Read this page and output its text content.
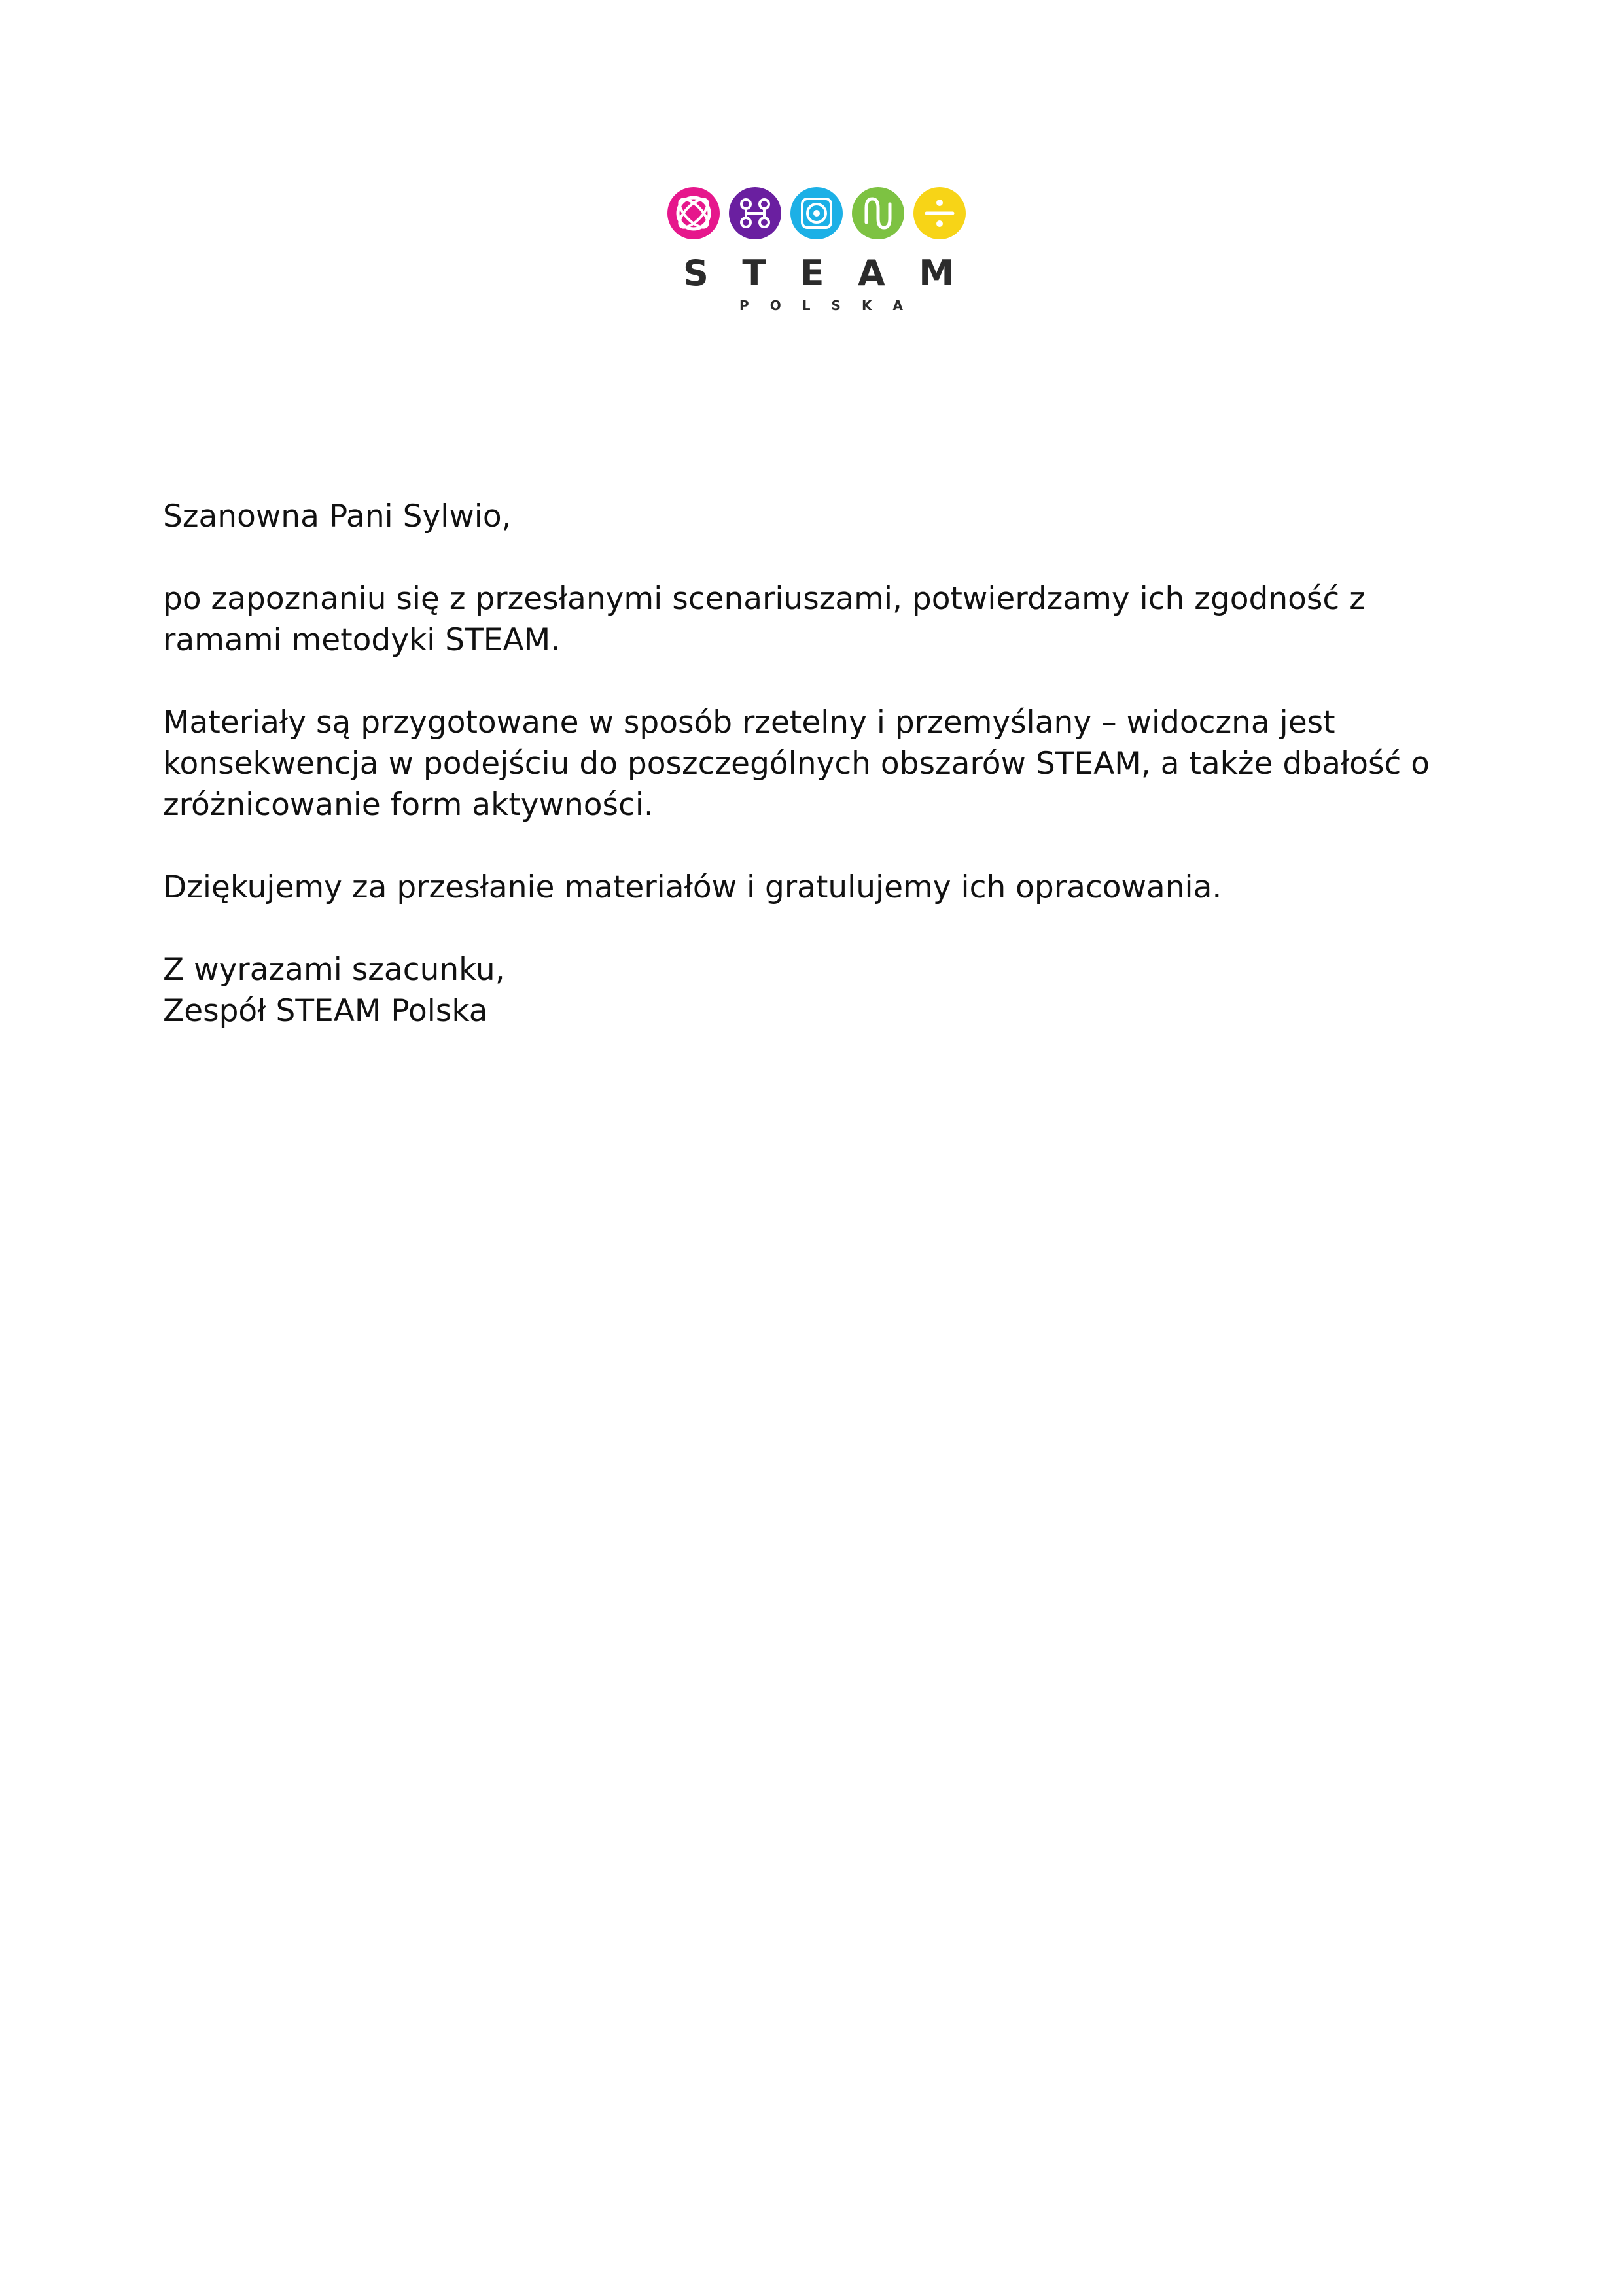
S T E A M
P O L S K A

Szanowna Pani Sylwio,

po zapoznaniu się z przesłanymi scenariuszami, potwierdzamy ich zgodność z
ramami metodyki STEAM.

Materiały są przygotowane w sposób rzetelny i przemyślany – widoczna jest
konsekwencja w podejściu do poszczególnych obszarów STEAM, a także dbałość o
zróżnicowanie form aktywności.

Dziękujemy za przesłanie materiałów i gratulujemy ich opracowania.

Z wyrazami szacunku,
Zespół STEAM Polska
